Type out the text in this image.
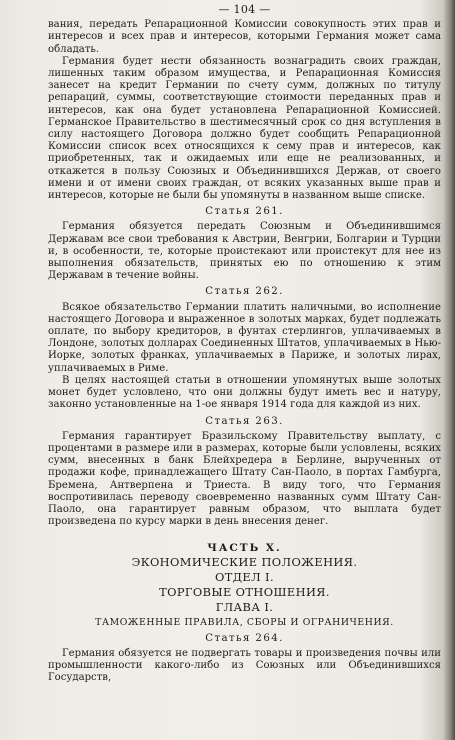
— 104 —

вания, передать Репарационной Комиссии совокупность этих прав и интересов и всех прав и интересов, которыми Германия может сама обладать.

Германия будет нести обязанность вознаградить своих граждан, лишенных таким образом имущества, и Репарационная Комиссия занесет на кредит Германии по счету сумм, должных по титулу репараций, суммы, соответствующие стоимости переданных прав и интересов, как она будет установлена Репарационной Комиссией. Германское Правительство в шестимесячный срок со дня вступления в силу настоящего Договора должно будет сообщить Репарационной Комиссии список всех относящихся к сему прав и интересов, как приобретенных, так и ожидаемых или еще не реализованных, и откажется в пользу Союзных и Объединившихся Держав, от своего имени и от имени своих граждан, от всяких указанных выше прав и интересов, которые не были бы упомянуты в названном выше списке.

Статья 261.

Германия обязуется передать Союзным и Объединившимся Державам все свои требования к Австрии, Венгрии, Болгарии и Турции и, в особенности, те, которые проистекают или проистекут для нее из выполнения обязательств, принятых ею по отношению к этим Державам в течение войны.

Статья 262.

Всякое обязательство Германии платить наличными, во исполнение настоящего Договора и выраженное в золотых марках, будет подлежать оплате, по выбору кредиторов, в фунтах стерлингов, уплачиваемых в Лондоне, золотых долларах Соединенных Штатов, уплачиваемых в Нью-Иорке, золотых франках, уплачиваемых в Париже, и золотых лирах, уплачиваемых в Риме.

В целях настоящей статьи в отношении упомянутых выше золотых монет будет условлено, что они должны будут иметь вес и натуру, законно установленные на 1-ое января 1914 года для каждой из них.

Статья 263.

Германия гарантирует Бразильскому Правительству выплату, с процентами в размере или в размерах, которые были условлены, всяких сумм, внесенных в банк Блейхредера в Берлине, вырученных от продажи кофе, принадлежащего Штату Сан-Паоло, в портах Гамбурга, Бремена, Антверпена и Триеста. В виду того, что Германия воспротивилась переводу своевременно названных сумм Штату Сан-Паоло, она гарантирует равным образом, что выплата будет произведена по курсу марки в день внесения денег.

ЧАСТЬ X.
ЭКОНОМИЧЕСКИЕ ПОЛОЖЕНИЯ.
ОТДЕЛ I.
ТОРГОВЫЕ ОТНОШЕНИЯ.
ГЛАВА I.
ТАМОЖЕННЫЕ ПРАВИЛА, СБОРЫ И ОГРАНИЧЕНИЯ.
Статья 264.

Германия обязуется не подвергать товары и произведения почвы или промышленности какого-либо из Союзных или Объединившихся Государств,
